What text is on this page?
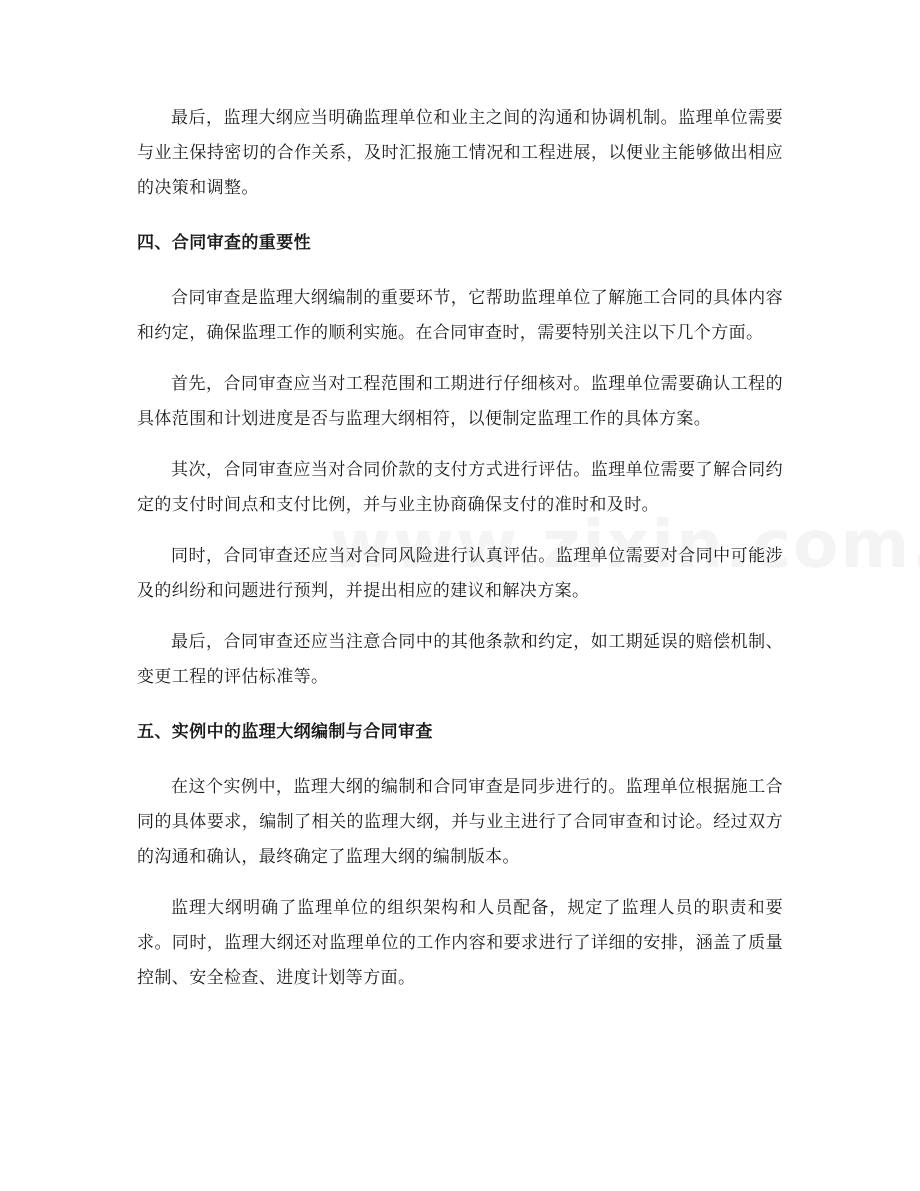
最后，监理大纲应当明确监理单位和业主之间的沟通和协调机制。监理单位需要与业主保持密切的合作关系，及时汇报施工情况和工程进展，以便业主能够做出相应的决策和调整。

四、合同审查的重要性

合同审查是监理大纲编制的重要环节，它帮助监理单位了解施工合同的具体内容和约定，确保监理工作的顺利实施。在合同审查时，需要特别关注以下几个方面。

首先，合同审查应当对工程范围和工期进行仔细核对。监理单位需要确认工程的具体范围和计划进度是否与监理大纲相符，以便制定监理工作的具体方案。

其次，合同审查应当对合同价款的支付方式进行评估。监理单位需要了解合同约定的支付时间点和支付比例，并与业主协商确保支付的准时和及时。

同时，合同审查还应当对合同风险进行认真评估。监理单位需要对合同中可能涉及的纠纷和问题进行预判，并提出相应的建议和解决方案。

最后，合同审查还应当注意合同中的其他条款和约定，如工期延误的赔偿机制、变更工程的评估标准等。

五、实例中的监理大纲编制与合同审查

在这个实例中，监理大纲的编制和合同审查是同步进行的。监理单位根据施工合同的具体要求，编制了相关的监理大纲，并与业主进行了合同审查和讨论。经过双方的沟通和确认，最终确定了监理大纲的编制版本。

监理大纲明确了监理单位的组织架构和人员配备，规定了监理人员的职责和要求。同时，监理大纲还对监理单位的工作内容和要求进行了详细的安排，涵盖了质量控制、安全检查、进度计划等方面。
